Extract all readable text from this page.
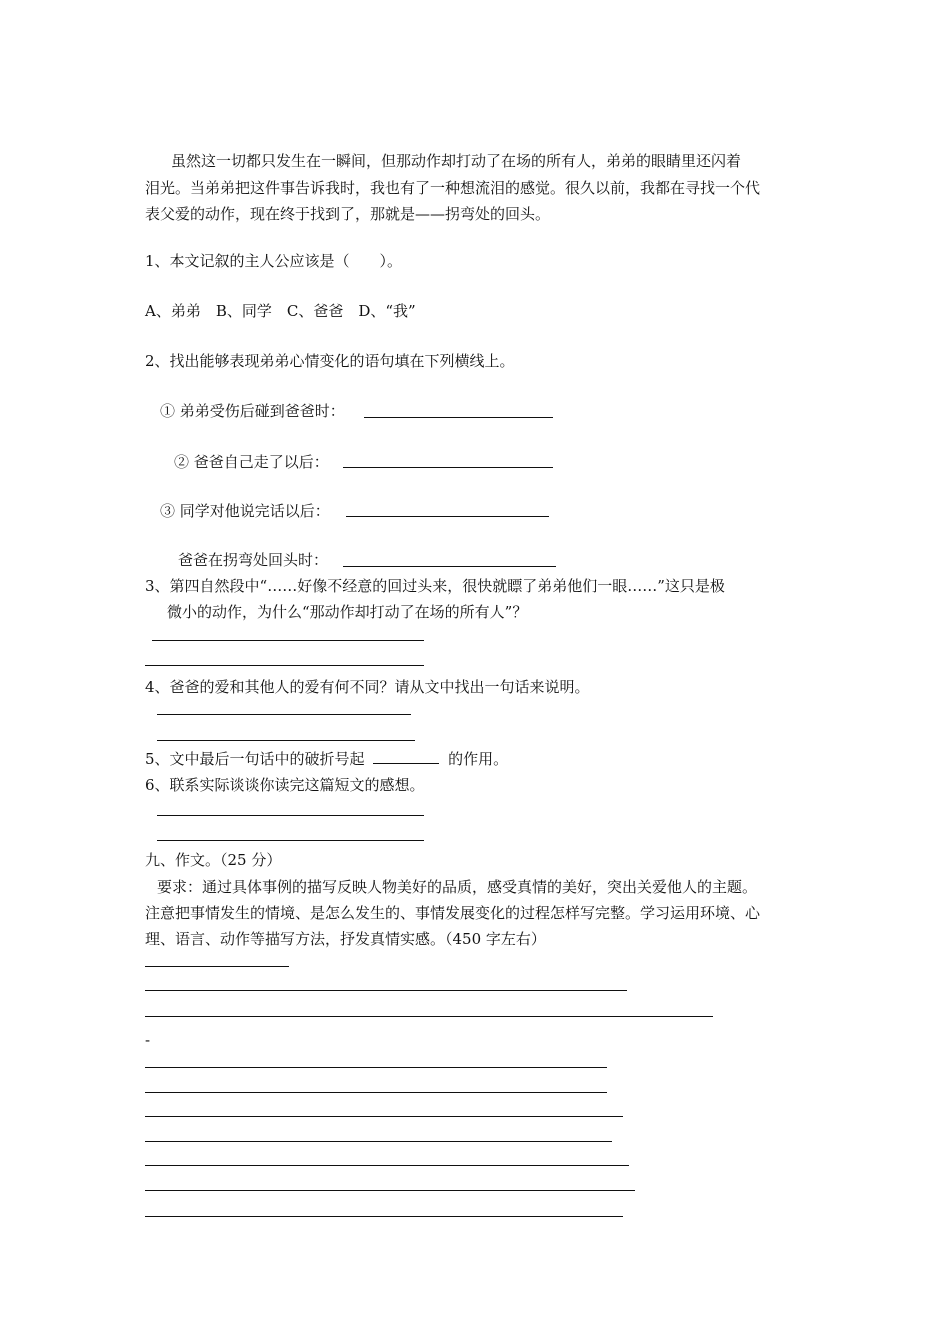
虽然这一切都只发生在一瞬间，但那动作却打动了在场的所有人，弟弟的眼睛里还闪着
泪光。当弟弟把这件事告诉我时，我也有了一种想流泪的感觉。很久以前，我都在寻找一个代
表父爱的动作，现在终于找到了，那就是——拐弯处的回头。
1、本文记叙的主人公应该是（　　）。
A、弟弟　B、同学　C、爸爸　D、“我”
2、找出能够表现弟弟心情变化的语句填在下列横线上。
① 弟弟受伤后碰到爸爸时：
② 爸爸自己走了以后：
③ 同学对他说完话以后：
爸爸在拐弯处回头时：
3、第四自然段中“……好像不经意的回过头来，很快就瞟了弟弟他们一眼……”这只是极
微小的动作，为什么“那动作却打动了在场的所有人”？
4、爸爸的爱和其他人的爱有何不同？请从文中找出一句话来说明。
5、文中最后一句话中的破折号起	的作用。
6、联系实际谈谈你读完这篇短文的感想。
九、作文。（25 分）
要求：通过具体事例的描写反映人物美好的品质，感受真情的美好，突出关爱他人的主题。
注意把事情发生的情境、是怎么发生的、事情发展变化的过程怎样写完整。学习运用环境、心
理、语言、动作等描写方法，抒发真情实感。（450 字左右）
-
